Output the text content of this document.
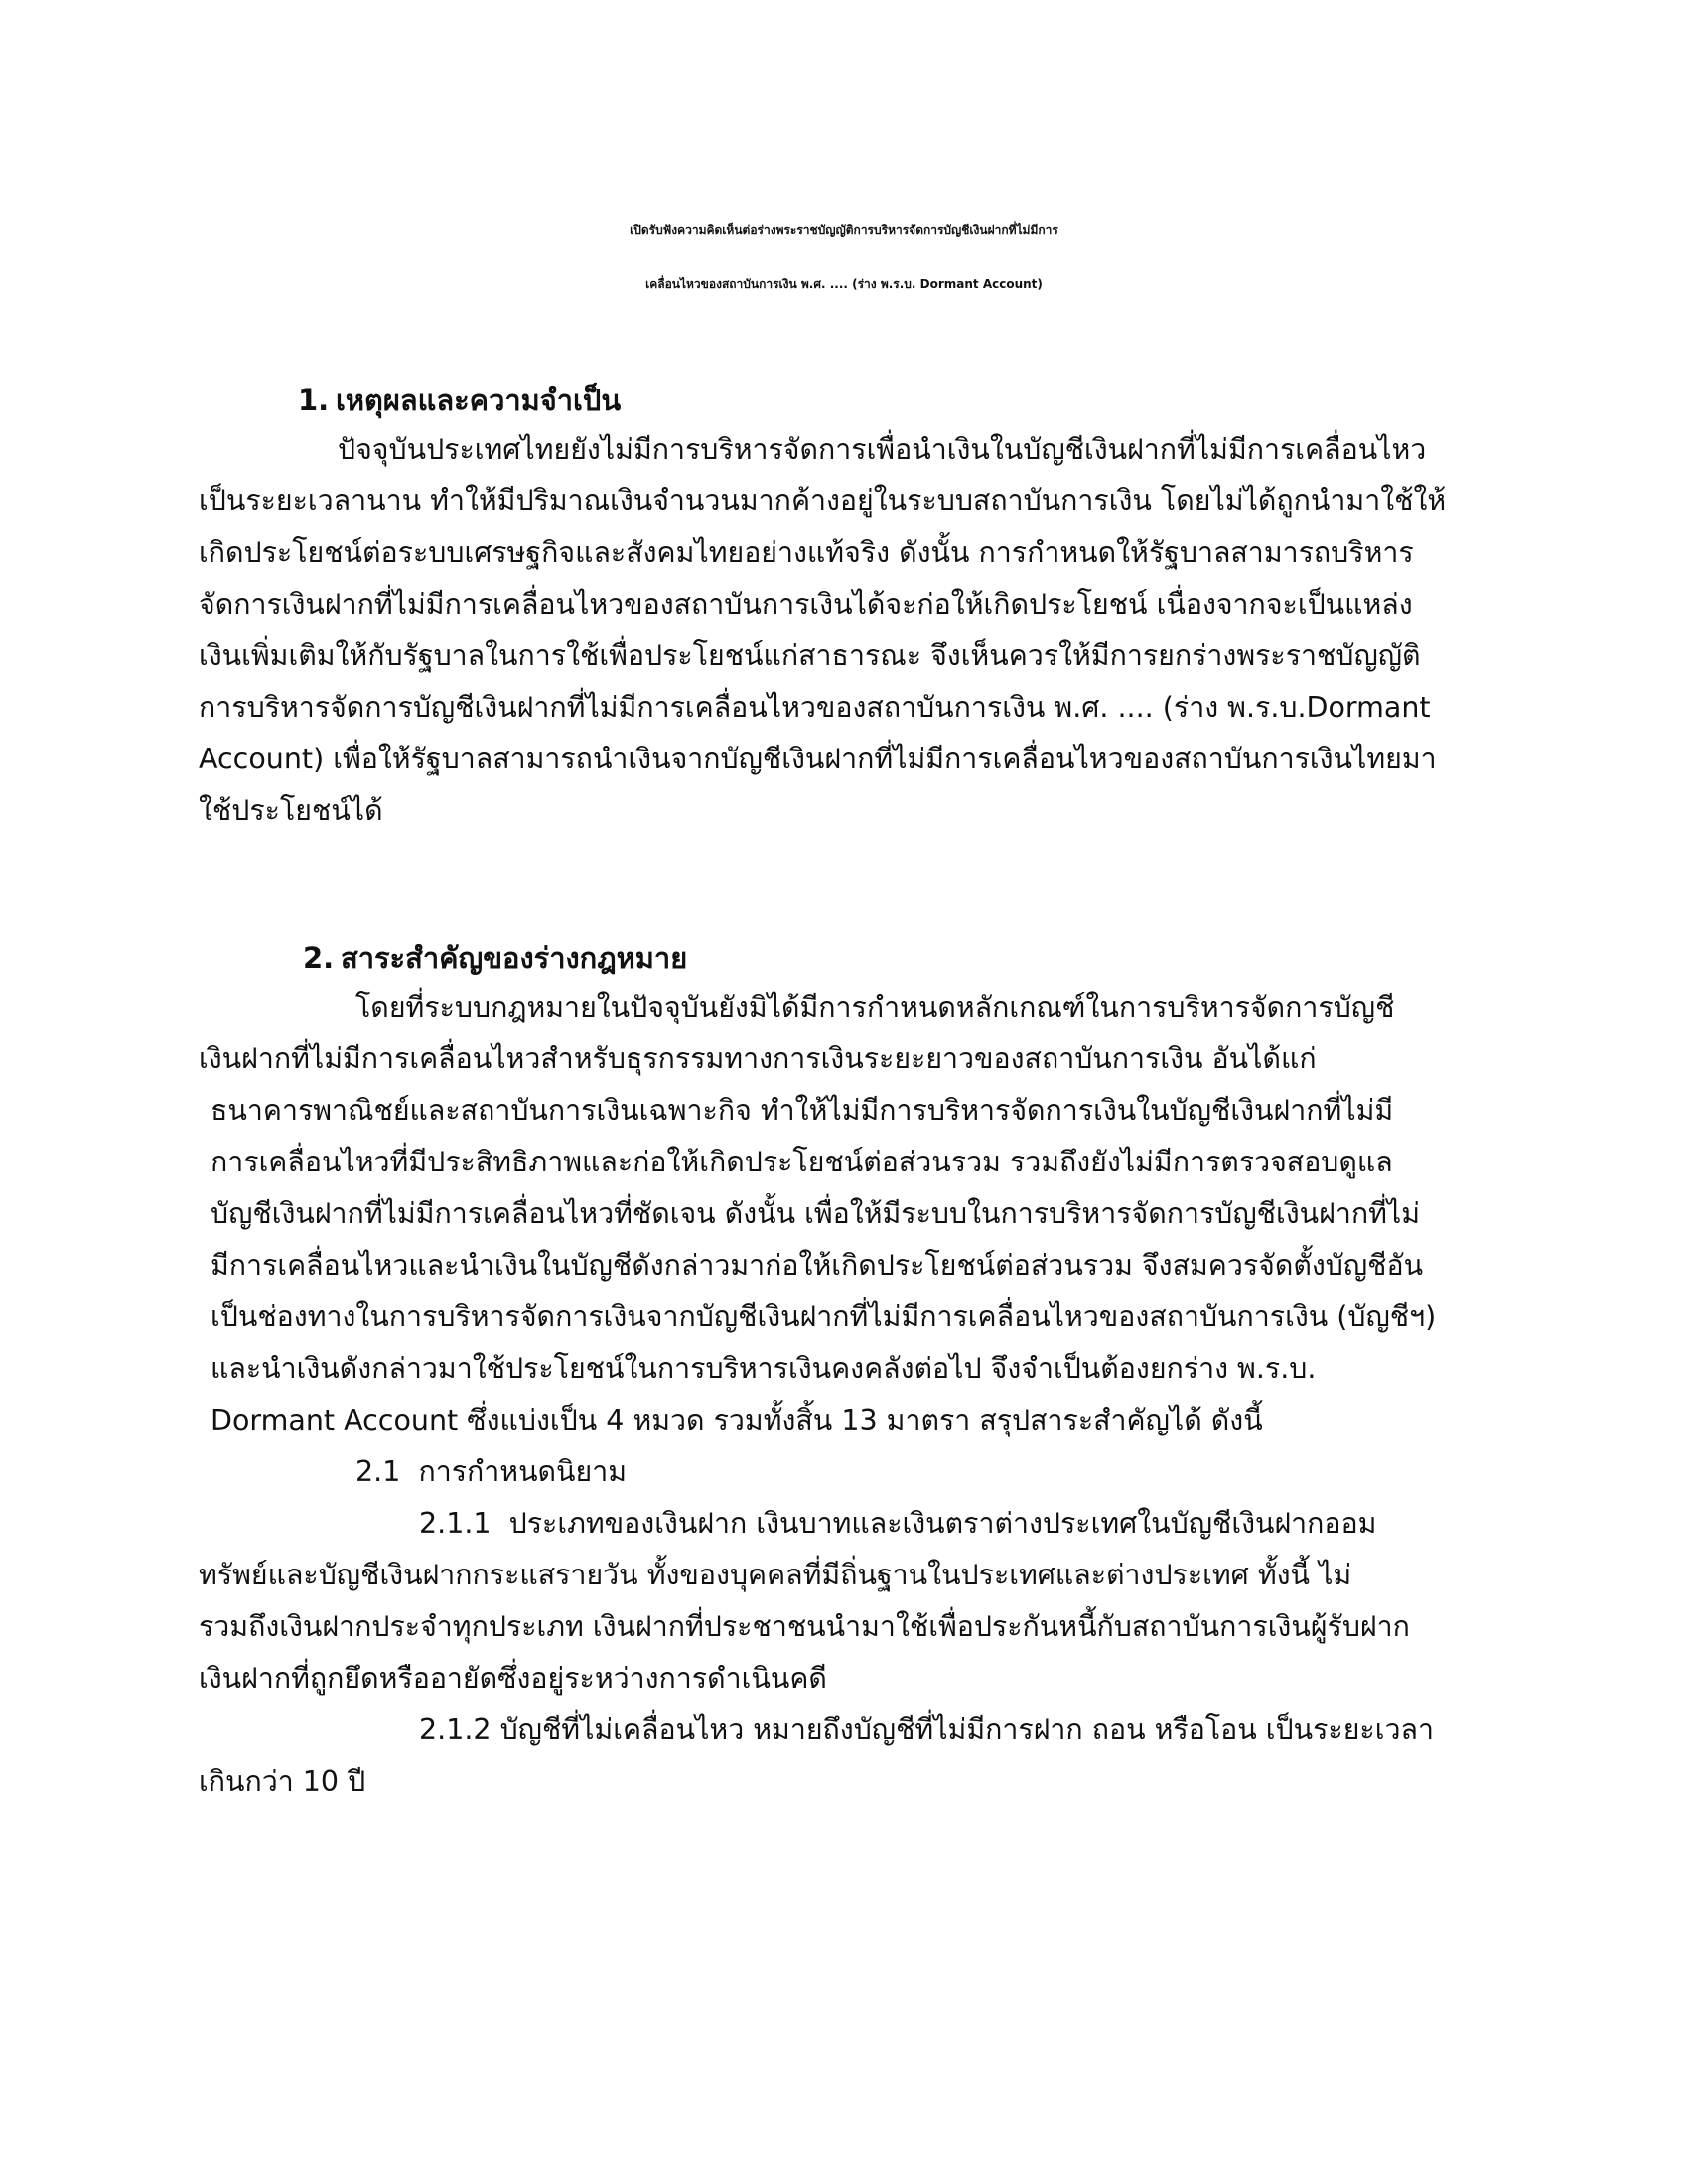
เปิดรับฟังความคิดเห็นต่อร่างพระราชบัญญัติการบริหารจัดการบัญชีเงินฝากที่ไม่มีการ
เคลื่อนไหวของสถาบันการเงิน พ.ศ. .... (ร่าง พ.ร.บ. Dormant Account)
1. เหตุผลและความจำเป็น

ปัจจุบันประเทศไทยยังไม่มีการบริหารจัดการเพื่อนำเงินในบัญชีเงินฝากที่ไม่มีการเคลื่อนไหว

เป็นระยะเวลานาน ทำให้มีปริมาณเงินจำนวนมากค้างอยู่ในระบบสถาบันการเงิน โดยไม่ได้ถูกนำมาใช้ให้

เกิดประโยชน์ต่อระบบเศรษฐกิจและสังคมไทยอย่างแท้จริง ดังนั้น การกำหนดให้รัฐบาลสามารถบริหาร

จัดการเงินฝากที่ไม่มีการเคลื่อนไหวของสถาบันการเงินได้จะก่อให้เกิดประโยชน์ เนื่องจากจะเป็นแหล่ง

เงินเพิ่มเติมให้กับรัฐบาลในการใช้เพื่อประโยชน์แก่สาธารณะ จึงเห็นควรให้มีการยกร่างพระราชบัญญัติ

การบริหารจัดการบัญชีเงินฝากที่ไม่มีการเคลื่อนไหวของสถาบันการเงิน พ.ศ. .... (ร่าง พ.ร.บ.Dormant

Account) เพื่อให้รัฐบาลสามารถนำเงินจากบัญชีเงินฝากที่ไม่มีการเคลื่อนไหวของสถาบันการเงินไทยมา

ใช้ประโยชน์ได้

2. สาระสำคัญของร่างกฎหมาย

โดยที่ระบบกฎหมายในปัจจุบันยังมิได้มีการกำหนดหลักเกณฑ์ในการบริหารจัดการบัญชี

เงินฝากที่ไม่มีการเคลื่อนไหวสำหรับธุรกรรมทางการเงินระยะยาวของสถาบันการเงิน อันได้แก่

ธนาคารพาณิชย์และสถาบันการเงินเฉพาะกิจ ทำให้ไม่มีการบริหารจัดการเงินในบัญชีเงินฝากที่ไม่มี

การเคลื่อนไหวที่มีประสิทธิภาพและก่อให้เกิดประโยชน์ต่อส่วนรวม รวมถึงยังไม่มีการตรวจสอบดูแล

บัญชีเงินฝากที่ไม่มีการเคลื่อนไหวที่ชัดเจน ดังนั้น เพื่อให้มีระบบในการบริหารจัดการบัญชีเงินฝากที่ไม่

มีการเคลื่อนไหวและนำเงินในบัญชีดังกล่าวมาก่อให้เกิดประโยชน์ต่อส่วนรวม จึงสมควรจัดตั้งบัญชีอัน

เป็นช่องทางในการบริหารจัดการเงินจากบัญชีเงินฝากที่ไม่มีการเคลื่อนไหวของสถาบันการเงิน (บัญชีฯ)

และนำเงินดังกล่าวมาใช้ประโยชน์ในการบริหารเงินคงคลังต่อไป จึงจำเป็นต้องยกร่าง พ.ร.บ.

Dormant Account ซึ่งแบ่งเป็น 4 หมวด รวมทั้งสิ้น 13 มาตรา สรุปสาระสำคัญได้ ดังนี้

2.1 การกำหนดนิยาม

2.1.1 ประเภทของเงินฝาก เงินบาทและเงินตราต่างประเทศในบัญชีเงินฝากออม

ทรัพย์และบัญชีเงินฝากกระแสรายวัน ทั้งของบุคคลที่มีถิ่นฐานในประเทศและต่างประเทศ ทั้งนี้ ไม่

รวมถึงเงินฝากประจำทุกประเภท เงินฝากที่ประชาชนนำมาใช้เพื่อประกันหนี้กับสถาบันการเงินผู้รับฝาก

เงินฝากที่ถูกยึดหรืออายัดซึ่งอยู่ระหว่างการดำเนินคดี

2.1.2 บัญชีที่ไม่เคลื่อนไหว หมายถึงบัญชีที่ไม่มีการฝาก ถอน หรือโอน เป็นระยะเวลา

เกินกว่า 10 ปี
